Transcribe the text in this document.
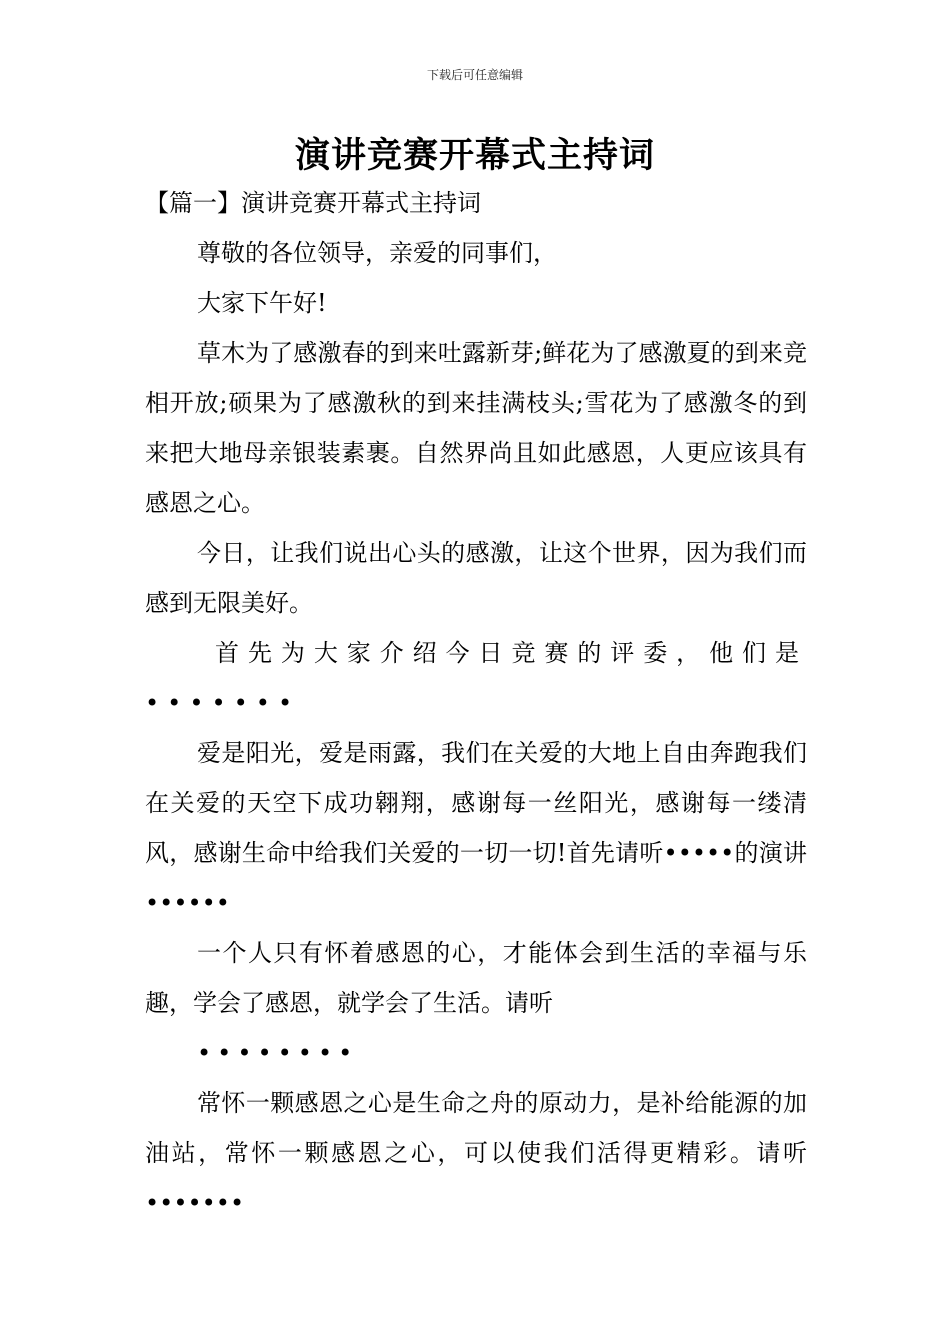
下载后可任意编辑
演讲竞赛开幕式主持词

【篇一】演讲竞赛开幕式主持词

尊敬的各位领导，亲爱的同事们，

大家下午好!

草木为了感激春的到来吐露新芽;鲜花为了感激夏的到来竞相开放;硕果为了感激秋的到来挂满枝头;雪花为了感激冬的到来把大地母亲银装素裹。自然界尚且如此感恩，人更应该具有感恩之心。

今日，让我们说出心头的感激，让这个世界，因为我们而感到无限美好。

首先为大家介绍今日竞赛的评委，他们是•••••••

爱是阳光，爱是雨露，我们在关爱的大地上自由奔跑我们在关爱的天空下成功翱翔，感谢每一丝阳光，感谢每一缕清风，感谢生命中给我们关爱的一切一切!首先请听•••••的演讲••••••

一个人只有怀着感恩的心，才能体会到生活的幸福与乐趣，学会了感恩，就学会了生活。请听

••••••••

常怀一颗感恩之心是生命之舟的原动力，是补给能源的加油站，常怀一颗感恩之心，可以使我们活得更精彩。请听•••••••
